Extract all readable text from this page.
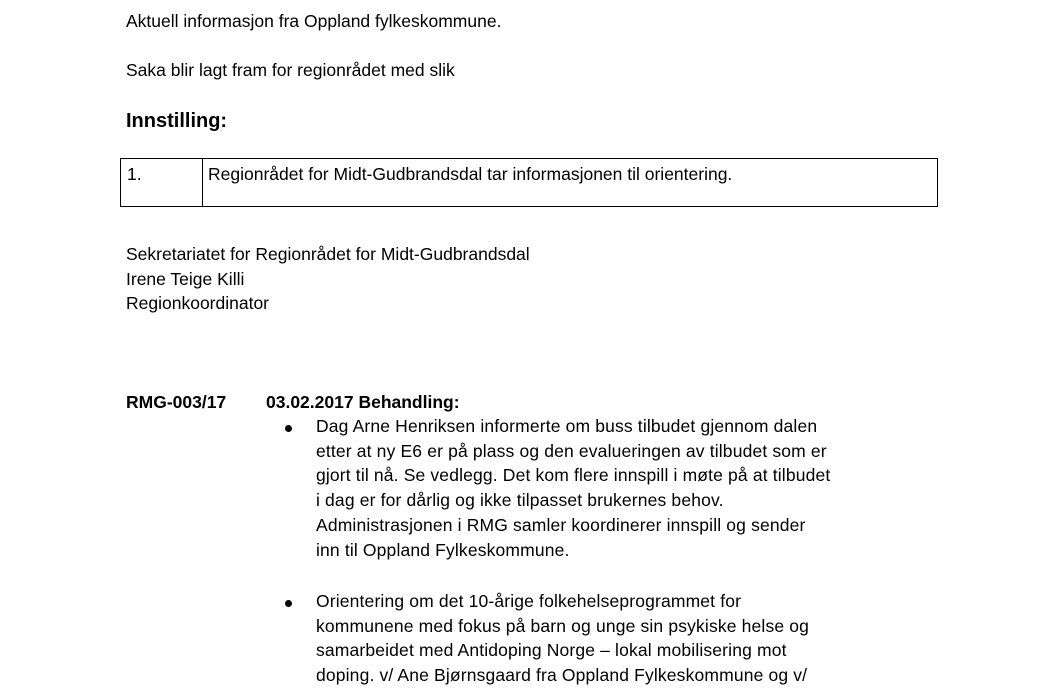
Aktuell informasjon fra Oppland fylkeskommune.
Saka blir lagt fram for regionrådet med slik
Innstilling:
1.	Regionrådet for Midt-Gudbrandsdal tar informasjonen til orientering.
Sekretariatet for Regionrådet for Midt-Gudbrandsdal
Irene Teige Killi
Regionkoordinator
RMG-003/17 03.02.2017 Behandling:
Dag Arne Henriksen informerte om buss tilbudet gjennom dalen
etter at ny E6 er på plass og den evalueringen av tilbudet som er
gjort til nå. Se vedlegg. Det kom flere innspill i møte på at tilbudet
i dag er for dårlig og ikke tilpasset brukernes behov.
Administrasjonen i RMG samler koordinerer innspill og sender
inn til Oppland Fylkeskommune.
Orientering om det 10-årige folkehelseprogrammet for
kommunene med fokus på barn og unge sin psykiske helse og
samarbeidet med Antidoping Norge – lokal mobilisering mot
doping. v/ Ane Bjørnsgaard fra Oppland Fylkeskommune og v/
